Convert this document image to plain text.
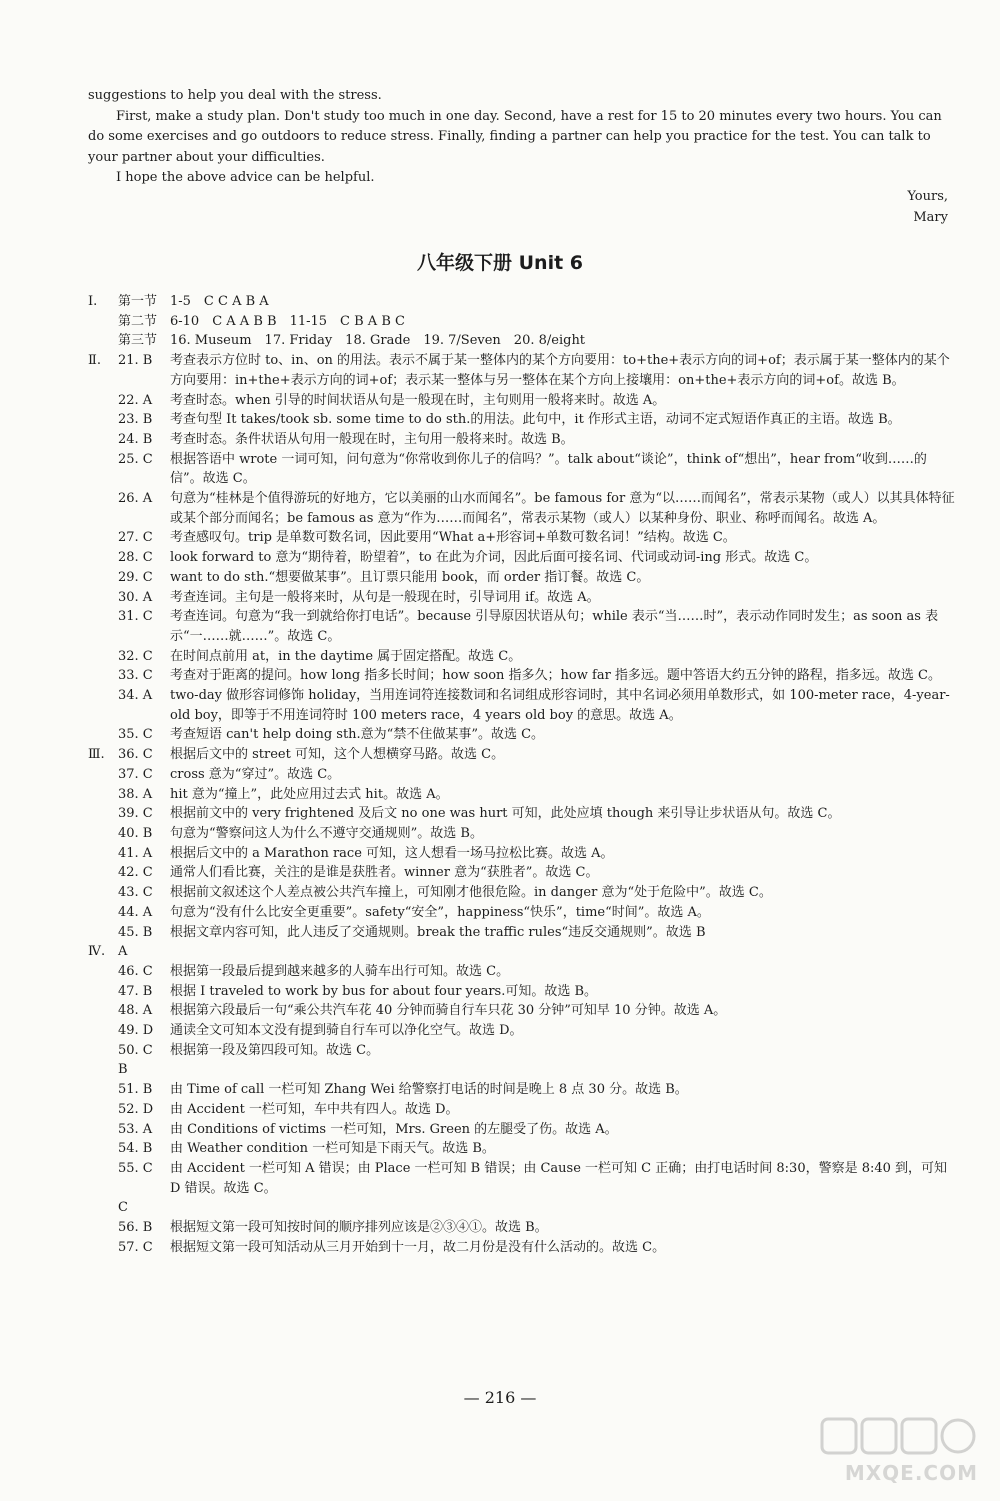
suggestions to help you deal with the stress.

First, make a study plan. Don't study too much in one day. Second, have a rest for 15 to 20 minutes every two hours. You can do some exercises and go outdoors to reduce stress. Finally, finding a partner can help you practice for the test. You can talk to your partner about your difficulties.

I hope the above advice can be helpful.

Yours,
Mary
八年级下册 Unit 6
Ⅰ.	第一节　1-5　C C A B A
第二节　6-10　C A A B B　11-15　C B A B C
第三节　16. Museum　17. Friday　18. Grade　19. 7/Seven　20. 8/eight
Ⅱ.	21. B	考查表示方位时 to、in、on 的用法。表示不属于某一整体内的某个方向要用：to+the+表示方向的词+of；表示属于某一整体内的某个方向要用：in+the+表示方向的词+of；表示某一整体与另一整体在某个方向上接壤用：on+the+表示方向的词+of。故选 B。
22. A	考查时态。when 引导的时间状语从句是一般现在时，主句则用一般将来时。故选 A。
23. B	考查句型 It takes/took sb. some time to do sth.的用法。此句中，it 作形式主语，动词不定式短语作真正的主语。故选 B。
24. B	考查时态。条件状语从句用一般现在时，主句用一般将来时。故选 B。
25. C	根据答语中 wrote 一词可知，问句意为“你常收到你儿子的信吗？”。talk about“谈论”，think of“想出”，hear from“收到……的信”。故选 C。
26. A	句意为“桂林是个值得游玩的好地方，它以美丽的山水而闻名”。be famous for 意为“以……而闻名”，常表示某物（或人）以其具体特征或某个部分而闻名；be famous as 意为“作为……而闻名”，常表示某物（或人）以某种身份、职业、称呼而闻名。故选 A。
27. C	考查感叹句。trip 是单数可数名词，因此要用“What a+形容词+单数可数名词！”结构。故选 C。
28. C	look forward to 意为“期待着，盼望着”，to 在此为介词，因此后面可接名词、代词或动词-ing 形式。故选 C。
29. C	want to do sth.“想要做某事”。且订票只能用 book，而 order 指订餐。故选 C。
30. A	考查连词。主句是一般将来时，从句是一般现在时，引导词用 if。故选 A。
31. C	考查连词。句意为“我一到就给你打电话”。because 引导原因状语从句；while 表示“当……时”，表示动作同时发生；as soon as 表示“一……就……”。故选 C。
32. C	在时间点前用 at，in the daytime 属于固定搭配。故选 C。
33. C	考查对于距离的提问。how long 指多长时间；how soon 指多久；how far 指多远。题中答语大约五分钟的路程，指多远。故选 C。
34. A	two-day 做形容词修饰 holiday，当用连词符连接数词和名词组成形容词时，其中名词必须用单数形式，如 100-meter race，4-year-old boy，即等于不用连词符时 100 meters race，4 years old boy 的意思。故选 A。
35. C	考查短语 can't help doing sth.意为“禁不住做某事”。故选 C。
Ⅲ.	36. C	根据后文中的 street 可知，这个人想横穿马路。故选 C。
37. C	cross 意为“穿过”。故选 C。
38. A	hit 意为“撞上”，此处应用过去式 hit。故选 A。
39. C	根据前文中的 very frightened 及后文 no one was hurt 可知，此处应填 though 来引导让步状语从句。故选 C。
40. B	句意为“警察问这人为什么不遵守交通规则”。故选 B。
41. A	根据后文中的 a Marathon race 可知，这人想看一场马拉松比赛。故选 A。
42. C	通常人们看比赛，关注的是谁是获胜者。winner 意为“获胜者”。故选 C。
43. C	根据前文叙述这个人差点被公共汽车撞上，可知刚才他很危险。in danger 意为“处于危险中”。故选 C。
44. A	句意为“没有什么比安全更重要”。safety“安全”，happiness“快乐”，time“时间”。故选 A。
45. B	根据文章内容可知，此人违反了交通规则。break the traffic rules“违反交通规则”。故选 B
Ⅳ. A
46. C	根据第一段最后提到越来越多的人骑车出行可知。故选 C。
47. B	根据 I traveled to work by bus for about four years.可知。故选 B。
48. A	根据第六段最后一句“乘公共汽车花 40 分钟而骑自行车只花 30 分钟”可知早 10 分钟。故选 A。
49. D	通读全文可知本文没有提到骑自行车可以净化空气。故选 D。
50. C	根据第一段及第四段可知。故选 C。
B
51. B	由 Time of call 一栏可知 Zhang Wei 给警察打电话的时间是晚上 8 点 30 分。故选 B。
52. D	由 Accident 一栏可知，车中共有四人。故选 D。
53. A	由 Conditions of victims 一栏可知，Mrs. Green 的左腿受了伤。故选 A。
54. B	由 Weather condition 一栏可知是下雨天气。故选 B。
55. C	由 Accident 一栏可知 A 错误；由 Place 一栏可知 B 错误；由 Cause 一栏可知 C 正确；由打电话时间 8:30，警察是 8:40 到，可知 D 错误。故选 C。
C
56. B	根据短文第一段可知按时间的顺序排列应该是②③④①。故选 B。
57. C	根据短文第一段可知活动从三月开始到十一月，故二月份是没有什么活动的。故选 C。
— 216 —
MXQE.COM
